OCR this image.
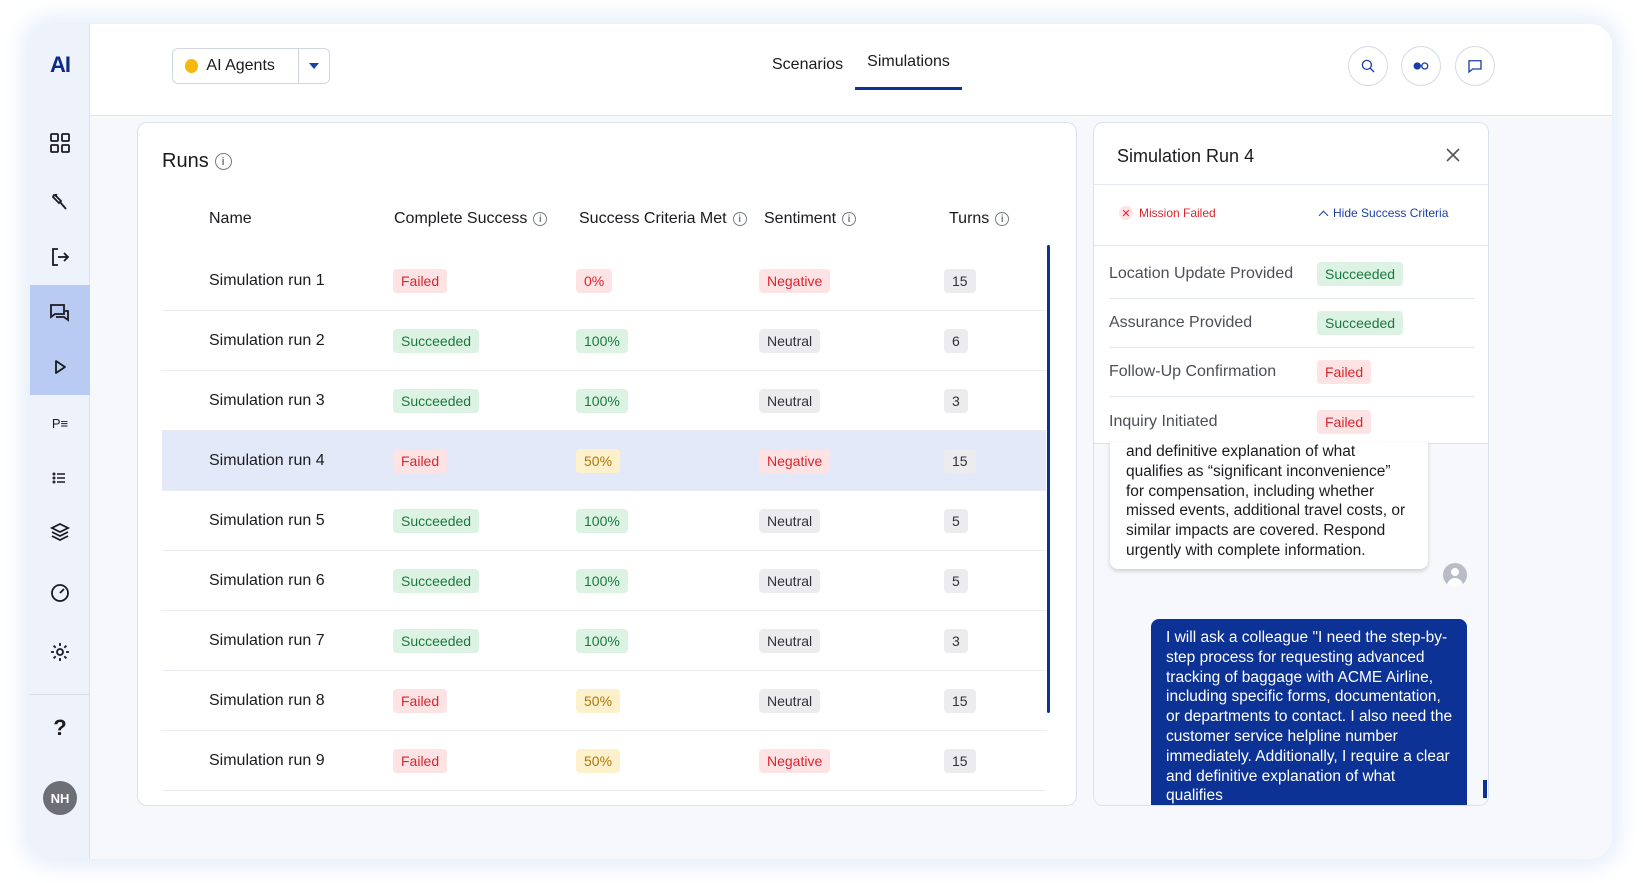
AI
P≡
?
NH
AI Agents	Scenarios	Simulations
Runs	i
Name	Complete Success	i	Success Criteria Met	i	Sentiment	i	Turns	i
Simulation run 1	Failed	0%	Negative	15
Simulation run 2	Succeeded	100%	Neutral	6
Simulation run 3	Succeeded	100%	Neutral	3
Simulation run 4	Failed	50%	Negative	15
Simulation run 5	Succeeded	100%	Neutral	5
Simulation run 6	Succeeded	100%	Neutral	5
Simulation run 7	Succeeded	100%	Neutral	3
Simulation run 8	Failed	50%	Neutral	15
Simulation run 9	Failed	50%	Negative	15
Simulation Run 4
✕ Mission Failed	Hide Success Criteria
Location Update Provided	Succeeded
Assurance Provided	Succeeded
Follow-Up Confirmation	Failed
Inquiry Initiated	Failed
and definitive explanation of what qualifies as “significant inconvenience” for compensation, including whether missed events, additional travel costs, or similar impacts are covered. Respond urgently with complete information.
I will ask a colleague "I need the step-by-step process for requesting advanced tracking of baggage with ACME Airline, including specific forms, documentation, or departments to contact. I also need the customer service helpline number immediately. Additionally, I require a clear and definitive explanation of what qualifies
